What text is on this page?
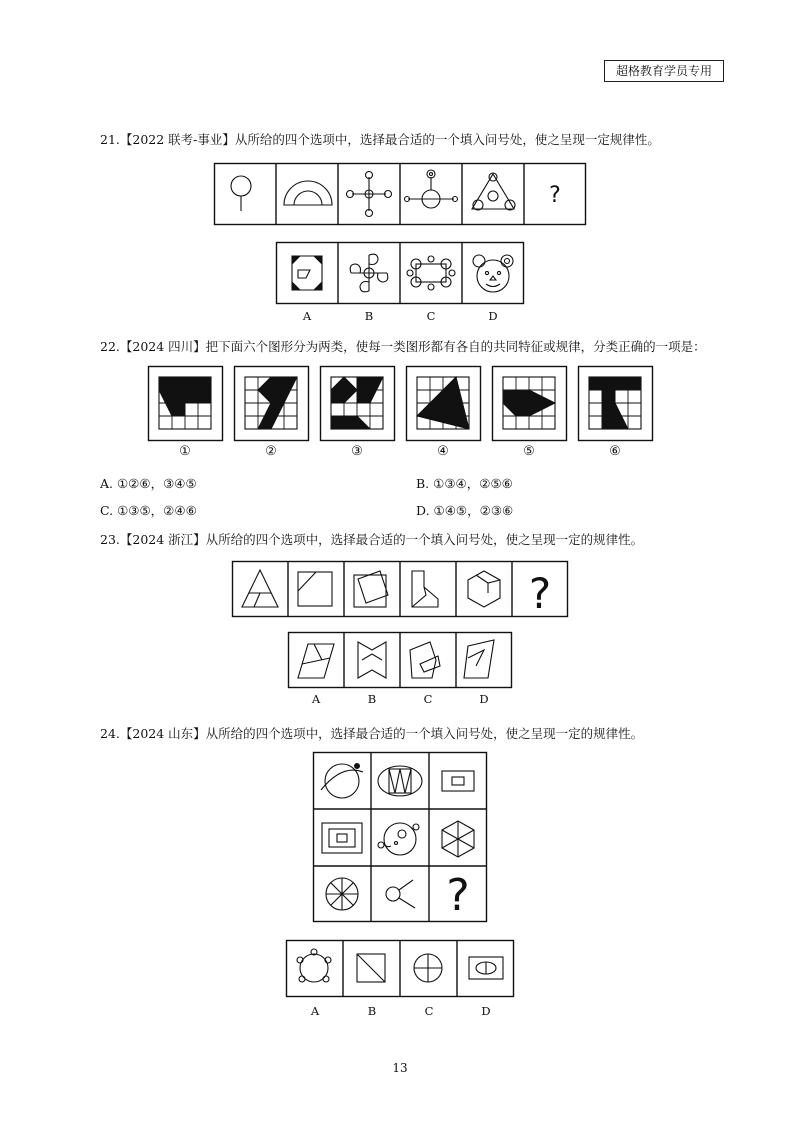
超格教育学员专用
21.【2022 联考-事业】从所给的四个选项中，选择最合适的一个填入问号处，使之呈现一定规律性。
?
A	B	C	D
22.【2024 四川】把下面六个图形分为两类，使每一类图形都有各自的共同特征或规律，分类正确的一项是：
①	②	③	④	⑤	⑥
A. ①②⑥，③④⑤	B. ①③④，②⑤⑥
C. ①③⑤，②④⑥	D. ①④⑤，②③⑥
23.【2024 浙江】从所给的四个选项中，选择最合适的一个填入问号处，使之呈现一定的规律性。
?
A	B	C	D
24.【2024 山东】从所给的四个选项中，选择最合适的一个填入问号处，使之呈现一定的规律性。
?
A	B	C	D
13
